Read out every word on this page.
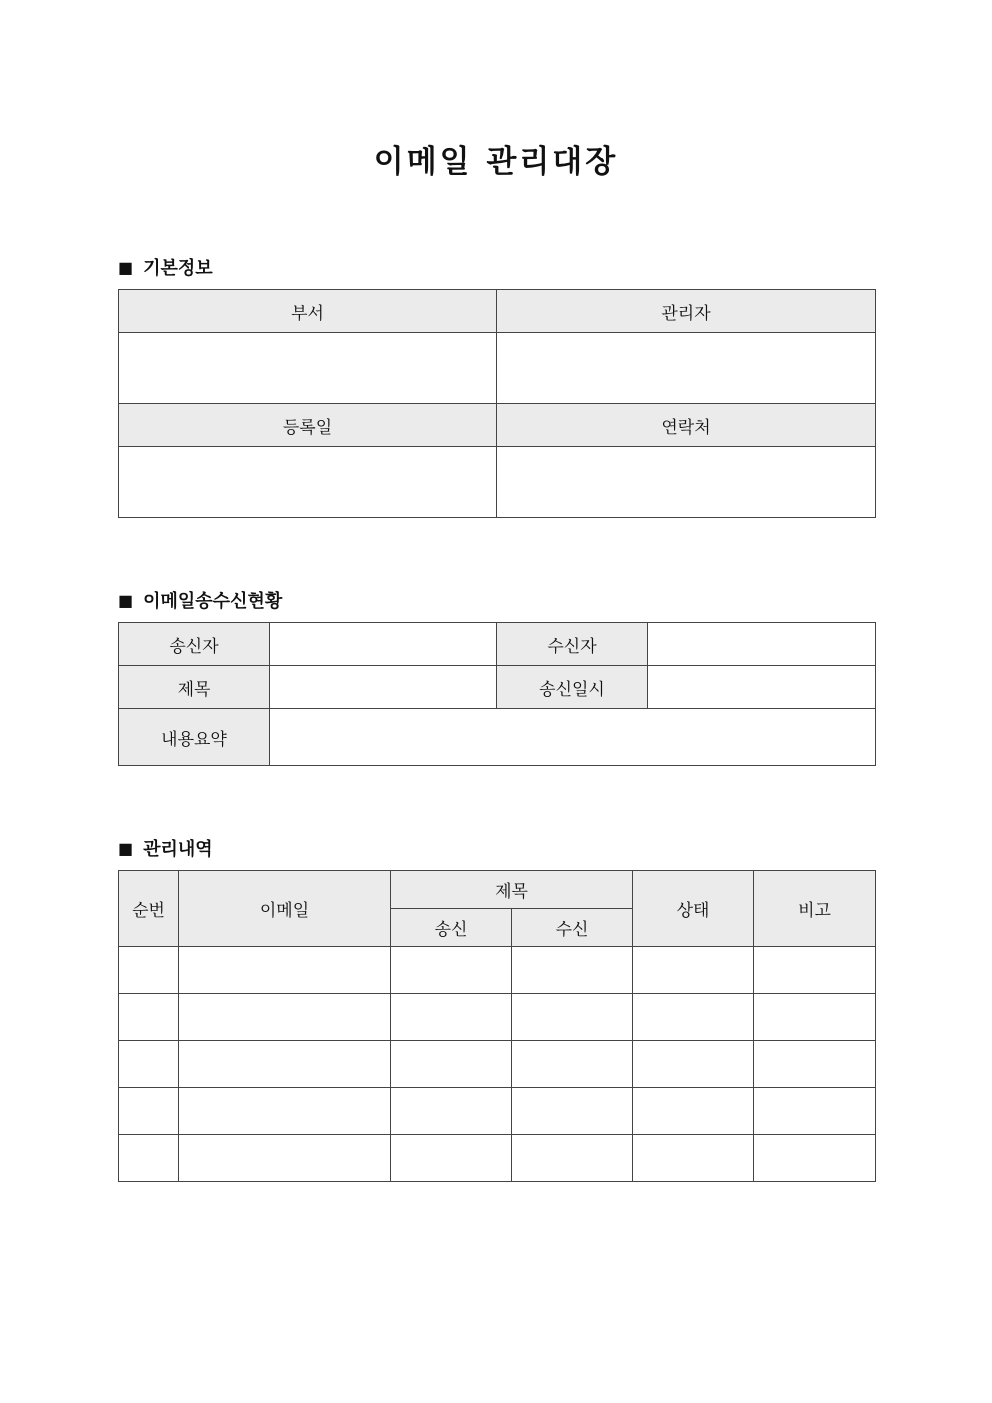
이메일 관리대장
■ 기본정보
부서	관리자

등록일	연락처

■ 이메일송수신현황
송신자		수신자	
제목		송신일시	
내용요약			
■ 관리내역
순번	이메일	제목		상태	비고
		송신	수신		
